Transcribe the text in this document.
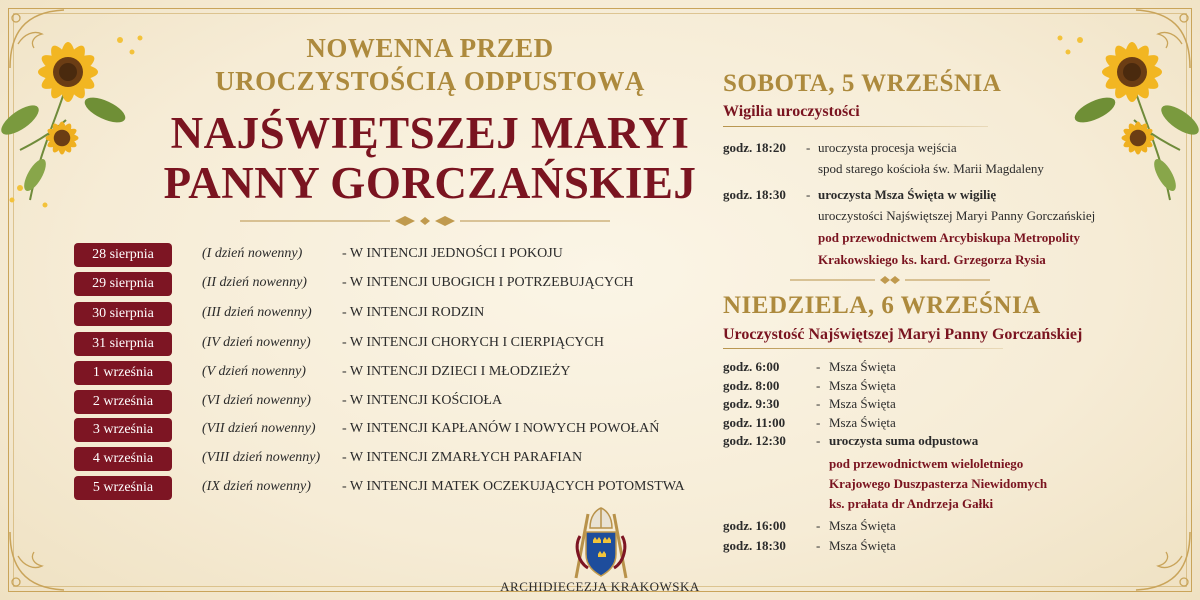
NOWENNA PRZED
UROCZYSTOŚCIĄ ODPUSTOWĄ
NAJŚWIĘTSZEJ MARYI
PANNY GORCZAŃSKIEJ
28 sierpnia	(I dzień nowenny)	- W INTENCJI JEDNOŚCI I POKOJU
29 sierpnia	(II dzień nowenny)	- W INTENCJI UBOGICH I POTRZEBUJĄCYCH
30 sierpnia	(III dzień nowenny) - W INTENCJI RODZIN
31 sierpnia	(IV dzień nowenny) - W INTENCJI CHORYCH I CIERPIĄCYCH
1 września	(V dzień nowenny)	- W INTENCJI DZIECI I MŁODZIEŻY
2 września	(VI dzień nowenny) - W INTENCJI KOŚCIOŁA
3 września	(VII dzień nowenny) - W INTENCJI KAPŁANÓW I NOWYCH POWOŁAŃ
4 września	(VIII dzień nowenny) - W INTENCJI ZMARŁYCH PARAFIAN
5 września	(IX dzień nowenny) - W INTENCJI MATEK OCZEKUJĄCYCH POTOMSTWA
SOBOTA, 5 WRZEŚNIA
Wigilia uroczystości
godz. 18:20 - uroczysta procesja wejścia
spod starego kościoła św. Marii Magdaleny
godz. 18:30 - uroczysta Msza Święta w wigilię
uroczystości Najświętszej Maryi Panny Gorczańskiej
pod przewodnictwem Arcybiskupa Metropolity
Krakowskiego ks. kard. Grzegorza Rysia
NIEDZIELA, 6 WRZEŚNIA
Uroczystość Najświętszej Maryi Panny Gorczańskiej
godz. 6:00	- Msza Święta
godz. 8:00	- Msza Święta
godz. 9:30	- Msza Święta
godz. 11:00 - Msza Święta
godz. 12:30 - uroczysta suma odpustowa
pod przewodnictwem wieloletniego
Krajowego Duszpasterza Niewidomych
ks. prałata dr Andrzeja Gałki
godz. 16:00 - Msza Święta
godz. 18:30 - Msza Święta
ARCHIDIECEZJA KRAKOWSKA
